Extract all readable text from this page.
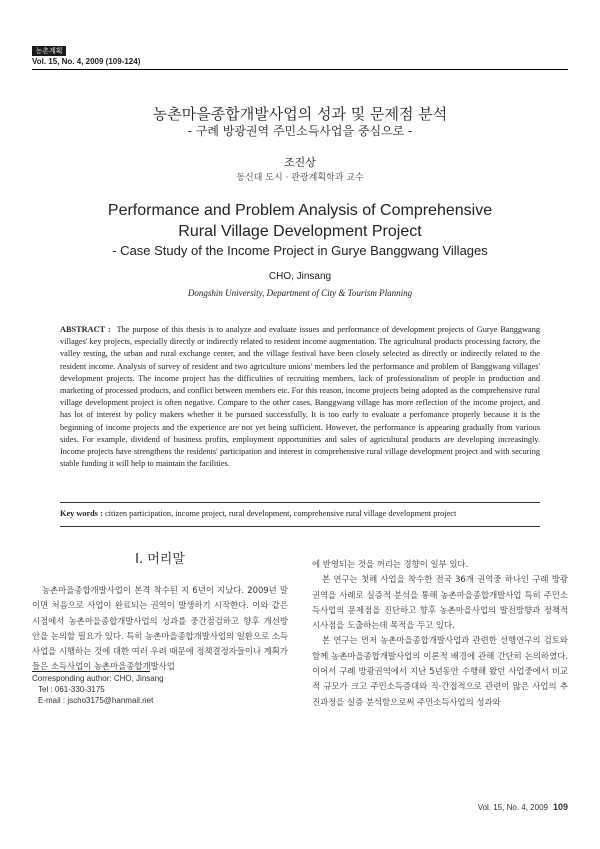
농촌계획
Vol. 15, No. 4, 2009 (109-124)
농촌마을종합개발사업의 성과 및 문제점 분석
- 구례 방광권역 주민소득사업을 중심으로 -
조진상
동신대 도시 · 관광계획학과 교수
Performance and Problem Analysis of Comprehensive
Rural Village Development Project
- Case Study of the Income Project in Gurye Banggwang Villages
CHO, Jinsang
Dongshin University, Department of City & Tourism Planning
ABSTRACT : The purpose of this thesis is to analyze and evaluate issues and performance of development projects of Gurye Banggwang villages' key projects, especially directly or indirectly related to resident income augmentation. The agricultural products processing factory, the valley resting, the urban and rural exchange center, and the village festival have been closely selected as directly or indirectly related to the resident income. Analysis of survey of resident and two agriculture unions' members led the performance and problem of Banggwang villages' development projects. The income project has the difficulties of recruiting members, lack of professionalism of people in production and marketing of processed products, and conflict between members etc. For this reason, income projects being adopted as the comprehensive rural village development project is often negative. Compare to the other cases, Banggwang village has more reflection of the income project, and has lot of interest by policy makers whether it be pursued successfully. It is too early to evaluate a perfomance properly because it is the beginning of income projects and the experience are not yet being sufficient. However, the performance is appearing gradually from various sides. For example, dividend of business profits, employment opportunities and sales of agricultural products are developing increasingly. Income projects have strengthens the residents' participation and interest in comprehensive rural village development project and with securing stable funding it will help to maintain the facilities.
Key words : citizen participation, income project, rural development, comprehensive rural village development project
I. 머리말

농촌마을종합개발사업이 본격 착수된 지 6년이 지났다. 2009년 말이면 처음으로 사업이 완료되는 권역이 발생하기 시작한다. 이와 같은 시점에서 농촌마을종합개발사업의 성과를 중간점검하고 향후 개선방안을 논의할 필요가 있다. 특히 농촌마을종합개발사업의 일환으로 소득사업을 시행하는 것에 대한 여러 우려 때문에 정책결정자들이나 계획가들은 소득사업이 농촌마을종합개발사업

에 반영되는 것을 꺼리는 경향이 일부 있다.

본 연구는 첫해 사업을 착수한 전국 36개 권역중 하나인 구례 방광권역을 사례로 실증적 분석을 통해 농촌마을종합개발사업 특히 주민소득사업의 문제점을 진단하고 향후 농촌마을사업의 발전방향과 정책적 시사점을 도출하는데 목적을 두고 있다.

본 연구는 먼저 농촌마을종합개발사업과 관련한 선행연구의 검토와 함께 농촌마을종합개발사업의 이론적 배경에 관해 간단히 논의하였다. 이어서 구례 방광권역에서 지난 5년동안 수행해 왔던 사업중에서 비교적 규모가 크고 주민소득증대와 직·간접적으로 관련이 많은 사업의 추진과정을 실증 분석함으로써 주민소득사업의 성과와

Corresponding author: CHO, Jinsang
Tel : 061-330-3175
E-mail : jscho3175@hanmail.net
Vol. 15, No. 4, 2009 109
